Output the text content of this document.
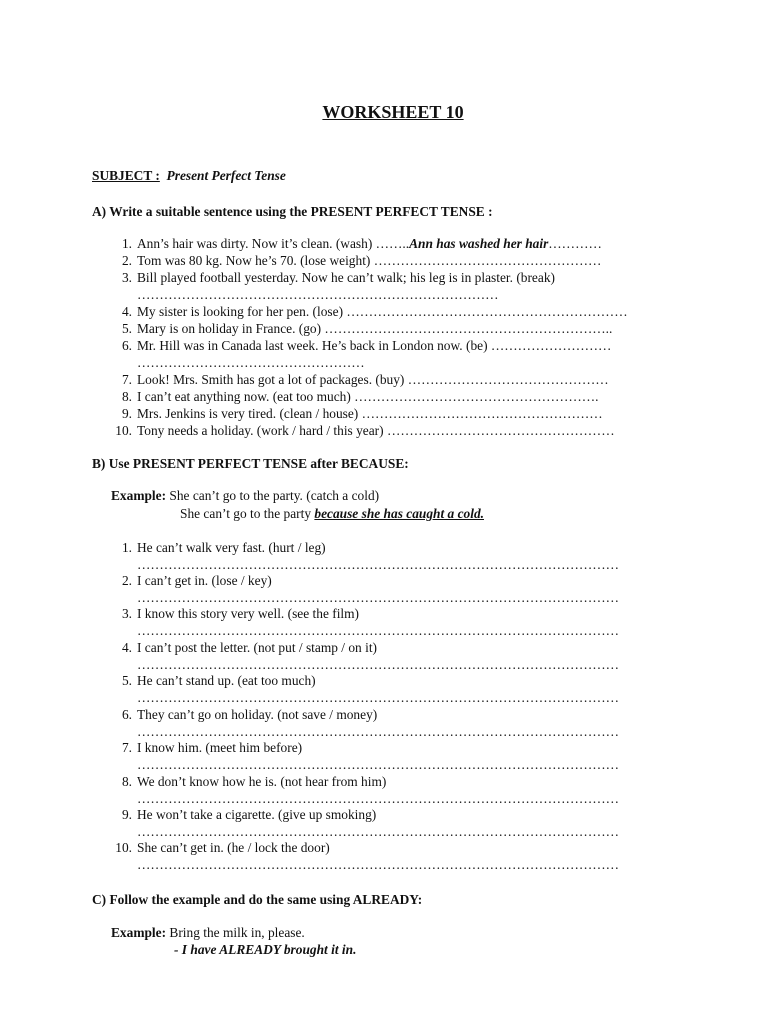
WORKSHEET 10
SUBJECT : Present Perfect Tense
A) Write a suitable sentence using the PRESENT PERFECT TENSE :
1. Ann’s hair was dirty. Now it’s clean. (wash) ……..Ann has washed her hair…………
2. Tom was 80 kg. Now he’s 70. (lose weight) ……………………………………………
3. Bill played football yesterday. Now he can’t walk; his leg is in plaster. (break)
………………………………………………………………………
4. My sister is looking for her pen. (lose) ………………………………………………………
5. Mary is on holiday in France. (go) ………………………………………………………..
6. Mr. Hill was in Canada last week. He’s back in London now. (be) ………………………
……………………………………………
7. Look! Mrs. Smith has got a lot of packages. (buy) ………………………………………
8. I can’t eat anything now. (eat too much) ……………………………………………….
9. Mrs. Jenkins is very tired. (clean / house) ………………………………………………
10. Tony needs a holiday. (work / hard / this year) ……………………………………………
B) Use PRESENT PERFECT TENSE after BECAUSE:
Example: She can’t go to the party. (catch a cold)
She can’t go to the party because she has caught a cold.
1. He can’t walk very fast. (hurt / leg)
………………………………………………………………………………………………
2. I can’t get in. (lose / key)
………………………………………………………………………………………………
3. I know this story very well. (see the film)
………………………………………………………………………………………………
4. I can’t post the letter. (not put / stamp / on it)
………………………………………………………………………………………………
5. He can’t stand up. (eat too much)
………………………………………………………………………………………………
6. They can’t go on holiday. (not save / money)
………………………………………………………………………………………………
7. I know him. (meet him before)
………………………………………………………………………………………………
8. We don’t know how he is. (not hear from him)
………………………………………………………………………………………………
9. He won’t take a cigarette. (give up smoking)
………………………………………………………………………………………………
10. She can’t get in. (he / lock the door)
………………………………………………………………………………………………
C) Follow the example and do the same using ALREADY:
Example: Bring the milk in, please.
- I have ALREADY brought it in.
